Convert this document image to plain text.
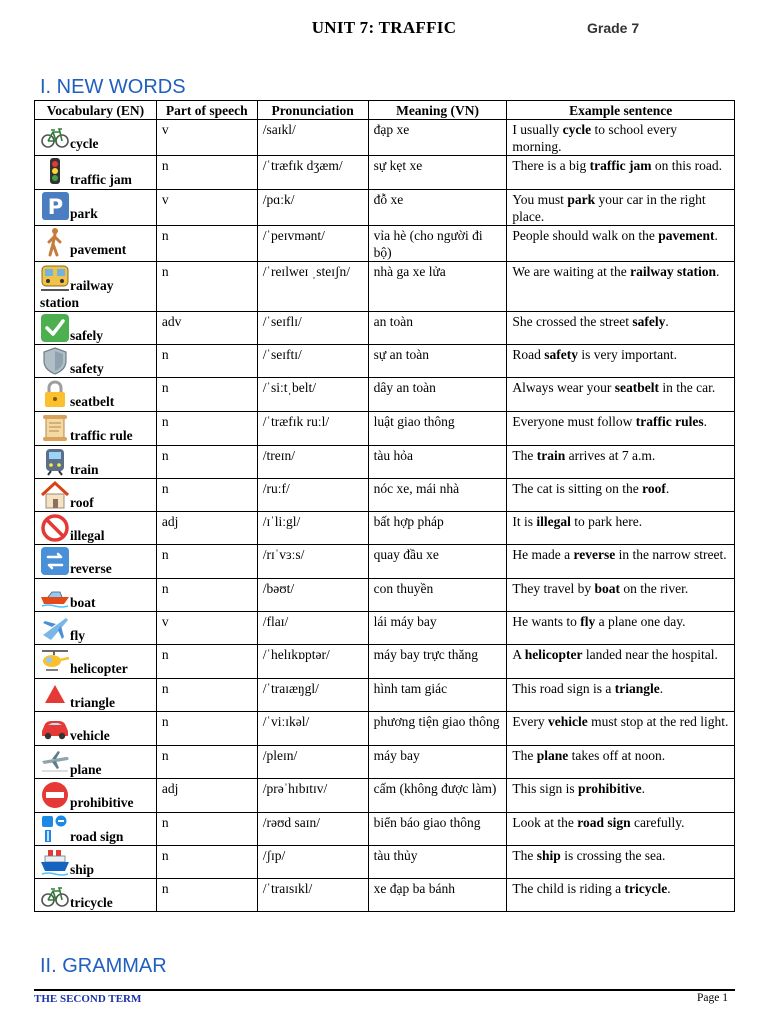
UNIT 7: TRAFFIC	Grade 7
I. NEW WORDS
Vocabulary (EN)	Part of speech	Pronunciation	Meaning (VN)	Example sentence

cycle	v	/saɪkl/	đạp xe	I usually cycle to school every morning.

traffic jam	n	/ˈtræfɪk dʒæm/	sự kẹt xe	There is a big traffic jam on this road.

P park	v	/pɑːk/	đỗ xe	You must park your car in the right place.

pavement	n	/ˈpeɪvmənt/	vỉa hè (cho người đi bộ)	People should walk on the pavement.

railway station	n	/ˈreɪlweɪ ˌsteɪʃn/	nhà ga xe lửa	We are waiting at the railway station.

safely	adv	/ˈseɪflɪ/	an toàn	She crossed the street safely.

safety	n	/ˈseɪftɪ/	sự an toàn	Road safety is very important.

seatbelt	n	/ˈsiːtˌbelt/	dây an toàn	Always wear your seatbelt in the car.

traffic rule	n	/ˈtræfɪk ruːl/	luật giao thông	Everyone must follow traffic rules.

train	n	/treɪn/	tàu hỏa	The train arrives at 7 a.m.

roof	n	/ruːf/	nóc xe, mái nhà	The cat is sitting on the roof.

illegal	adj	/ɪˈliːgl/	bất hợp pháp	It is illegal to park here.

reverse	n	/rɪˈvɜːs/	quay đầu xe	He made a reverse in the narrow street.

boat	n	/bəʊt/	con thuyền	They travel by boat on the river.

fly	v	/flaɪ/	lái máy bay	He wants to fly a plane one day.

helicopter	n	/ˈhelɪkɒptər/	máy bay trực thăng	A helicopter landed near the hospital.

triangle	n	/ˈtraɪæŋgl/	hình tam giác	This road sign is a triangle.

vehicle	n	/ˈviːɪkəl/	phương tiện giao thông	Every vehicle must stop at the red light.

plane	n	/pleɪn/	máy bay	The plane takes off at noon.

prohibitive	adj	/prəˈhɪbɪtɪv/	cấm (không được làm)	This sign is prohibitive.

road sign	n	/rəʊd saɪn/	biển báo giao thông	Look at the road sign carefully.

ship	n	/ʃɪp/	tàu thủy	The ship is crossing the sea.

tricycle	n	/ˈtraɪsɪkl/	xe đạp ba bánh	The child is riding a tricycle.
II. GRAMMAR
THE SECOND TERM	Page 1
